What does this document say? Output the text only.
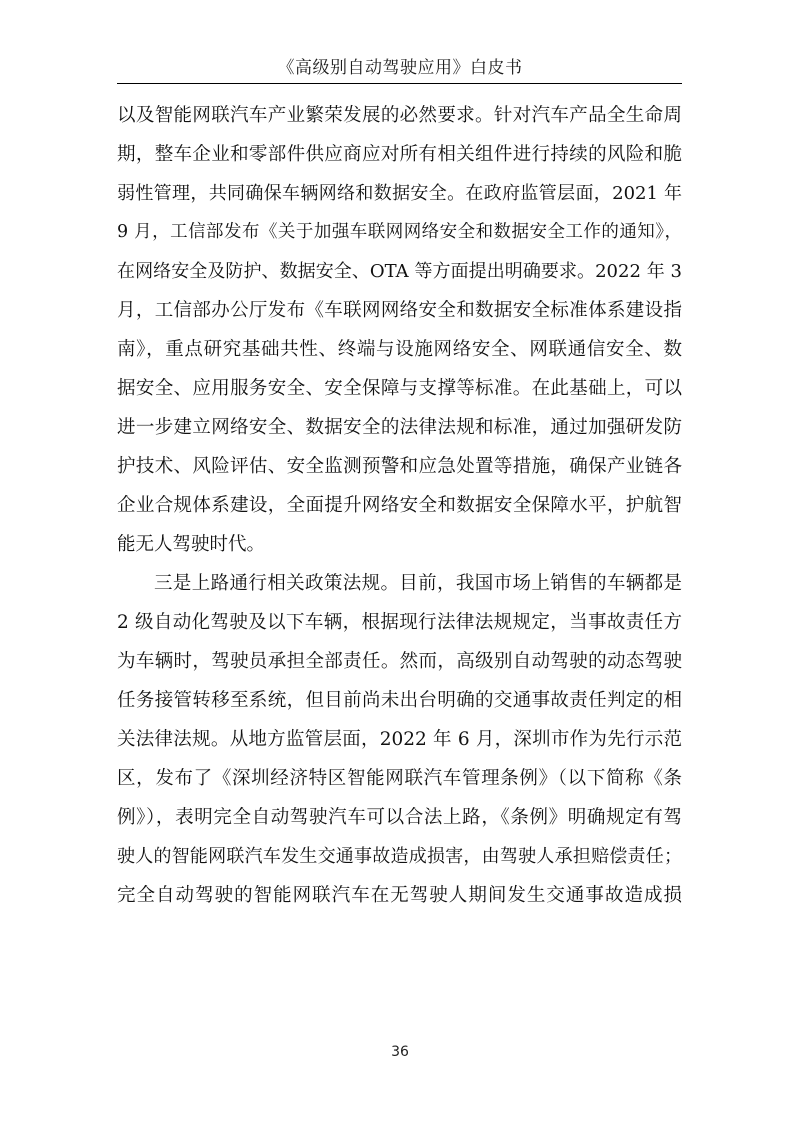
《高级别自动驾驶应用》白皮书
以及智能网联汽车产业繁荣发展的必然要求。针对汽车产品全生命周
期，整车企业和零部件供应商应对所有相关组件进行持续的风险和脆
弱性管理，共同确保车辆网络和数据安全。在政府监管层面，2021 年
9 月，工信部发布《关于加强车联网网络安全和数据安全工作的通知》，
在网络安全及防护、数据安全、OTA 等方面提出明确要求。2022 年 3
月，工信部办公厅发布《车联网网络安全和数据安全标准体系建设指
南》，重点研究基础共性、终端与设施网络安全、网联通信安全、数
据安全、应用服务安全、安全保障与支撑等标准。在此基础上，可以
进一步建立网络安全、数据安全的法律法规和标准，通过加强研发防
护技术、风险评估、安全监测预警和应急处置等措施，确保产业链各
企业合规体系建设，全面提升网络安全和数据安全保障水平，护航智
能无人驾驶时代。
三是上路通行相关政策法规。目前，我国市场上销售的车辆都是
2 级自动化驾驶及以下车辆，根据现行法律法规规定，当事故责任方
为车辆时，驾驶员承担全部责任。然而，高级别自动驾驶的动态驾驶
任务接管转移至系统，但目前尚未出台明确的交通事故责任判定的相
关法律法规。从地方监管层面，2022 年 6 月，深圳市作为先行示范
区，发布了《深圳经济特区智能网联汽车管理条例》（以下简称《条
例》），表明完全自动驾驶汽车可以合法上路，《条例》明确规定有驾
驶人的智能网联汽车发生交通事故造成损害，由驾驶人承担赔偿责任；
完全自动驾驶的智能网联汽车在无驾驶人期间发生交通事故造成损
36
